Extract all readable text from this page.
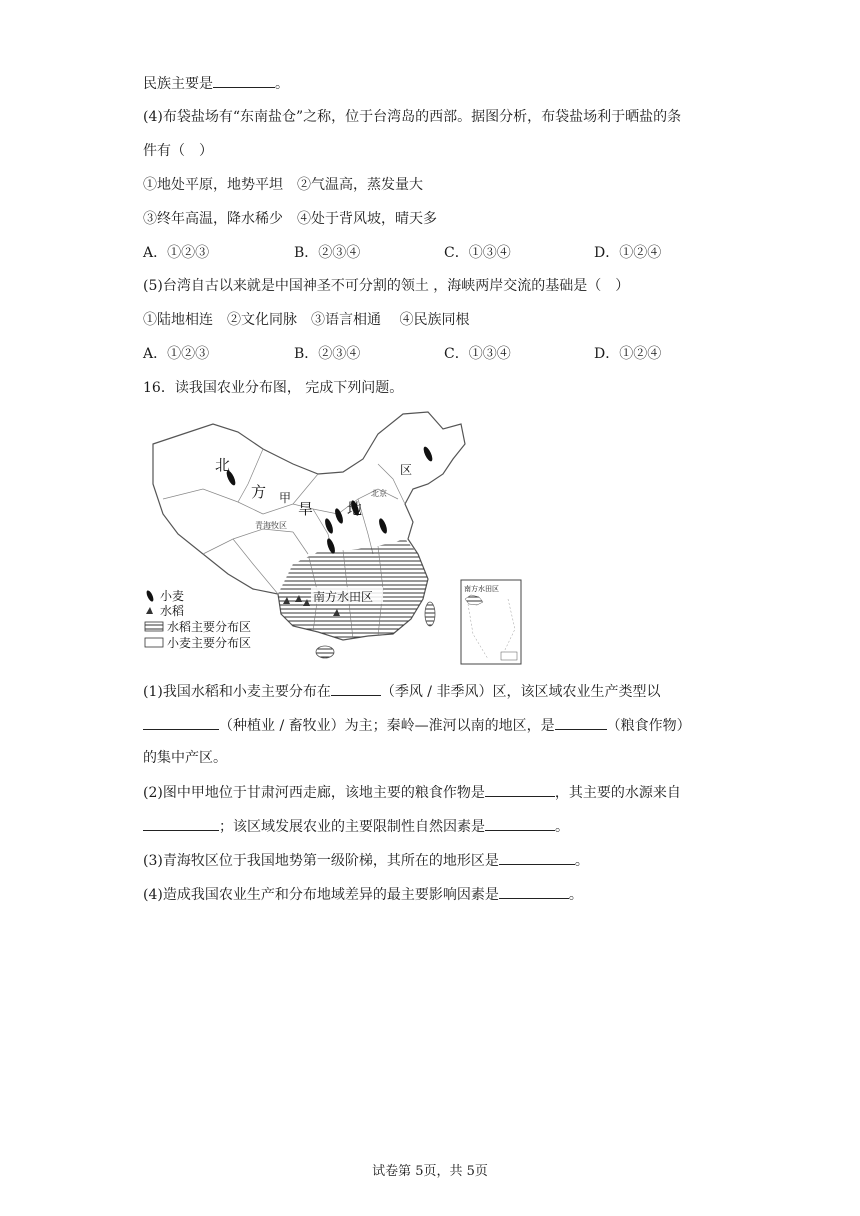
民族主要是	。
(4)布袋盐场有“东南盐仓”之称，位于台湾岛的西部。据图分析，布袋盐场利于晒盐的条
件有（　）
①地处平原，地势平坦　②气温高，蒸发量大
③终年高温，降水稀少　④处于背风坡，晴天多
A．①②③	B．②③④	C．①③④	D．①②④
(5)台湾自古以来就是中国神圣不可分割的领土 ，海峡两岸交流的基础是（　）
①陆地相连　②文化同脉　③语言相通　 ④民族同根
A．①②③	B．②③④	C．①③④	D．①②④
16．读我国农业分布图， 完成下列问题。
北
方
旱 地
区
甲	北京
青海牧区
南方水田区
南方水田区
小麦
水稻
水稻主要分布区
小麦主要分布区
(1)我国水稻和小麦主要分布在	（季风 / 非季风）区，该区域农业生产类型以
（种植业 / 畜牧业）为主；秦岭—淮河以南的地区，是	（粮食作物）
的集中产区。
(2)图中甲地位于甘肃河西走廊，该地主要的粮食作物是	，其主要的水源来自
；该区域发展农业的主要限制性自然因素是	。
(3)青海牧区位于我国地势第一级阶梯，其所在的地形区是	。
(4)造成我国农业生产和分布地域差异的最主要影响因素是	。
试卷第 5页，共 5页
